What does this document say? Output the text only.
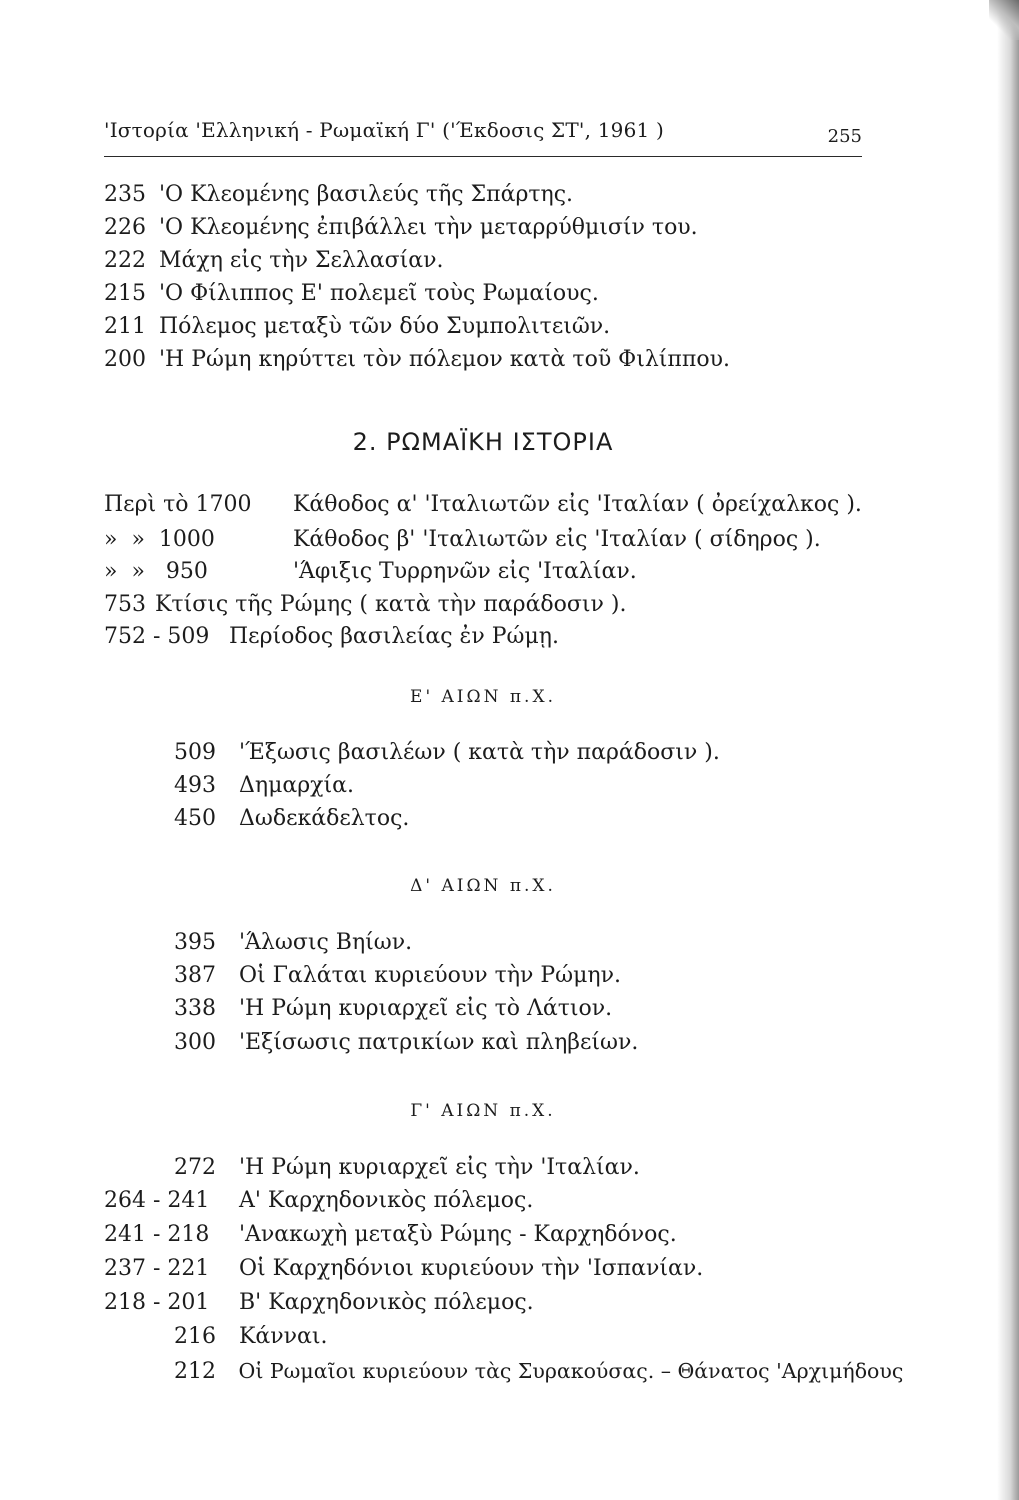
'Ιστορία 'Ελληνική - Ρωμαϊκή Γ' ('Έκδοσις ΣΤ', 1961 )	255
235 'Ο Κλεομένης βασιλεύς τῆς Σπάρτης.
226 'Ο Κλεομένης ἐπιβάλλει τὴν μεταρρύθμισίν του.
222 Μάχη εἰς τὴν Σελλασίαν.
215 'Ο Φίλιππος Ε' πολεμεῖ τοὺς Ρωμαίους.
211 Πόλεμος μεταξὺ τῶν δύο Συμπολιτειῶν.
200 'Η Ρώμη κηρύττει τὸν πόλεμον κατὰ τοῦ Φιλίππου.
2. ΡΩΜΑΪΚΗ ΙΣΤΟΡΙΑ
Περὶ τὸ 1700 Κάθοδος α' 'Ιταλιωτῶν εἰς 'Ιταλίαν ( ὀρείχαλκος ).
»  »  1000	Κάθοδος β' 'Ιταλιωτῶν εἰς 'Ιταλίαν ( σίδηρος ).
»  »   950	'Άφιξις Τυρρηνῶν εἰς 'Ιταλίαν.
753 Κτίσις τῆς Ρώμης ( κατὰ τὴν παράδοσιν ).
752 - 509 Περίοδος βασιλείας ἐν Ρώμῃ.
Ε' ΑΙΩΝ π.Χ.
509 'Έξωσις βασιλέων ( κατὰ τὴν παράδοσιν ).
493 Δημαρχία.
450 Δωδεκάδελτος.
Δ' ΑΙΩΝ π.Χ.
395 'Άλωσις Βηίων.
387 Οἱ Γαλάται κυριεύουν τὴν Ρώμην.
338 'Η Ρώμη κυριαρχεῖ εἰς τὸ Λάτιον.
300 'Εξίσωσις πατρικίων καὶ πληβείων.
Γ' ΑΙΩΝ π.Χ.
272 'Η Ρώμη κυριαρχεῖ εἰς τὴν 'Ιταλίαν.
264 - 241 Α' Καρχηδονικὸς πόλεμος.
241 - 218 'Ανακωχὴ μεταξὺ Ρώμης - Καρχηδόνος.
237 - 221 Οἱ Καρχηδόνιοι κυριεύουν τὴν 'Ισπανίαν.
218 - 201 Β' Καρχηδονικὸς πόλεμος.
216 Κάνναι.
212 Οἱ Ρωμαῖοι κυριεύουν τὰς Συρακούσας. – Θάνατος 'Αρχιμήδους
